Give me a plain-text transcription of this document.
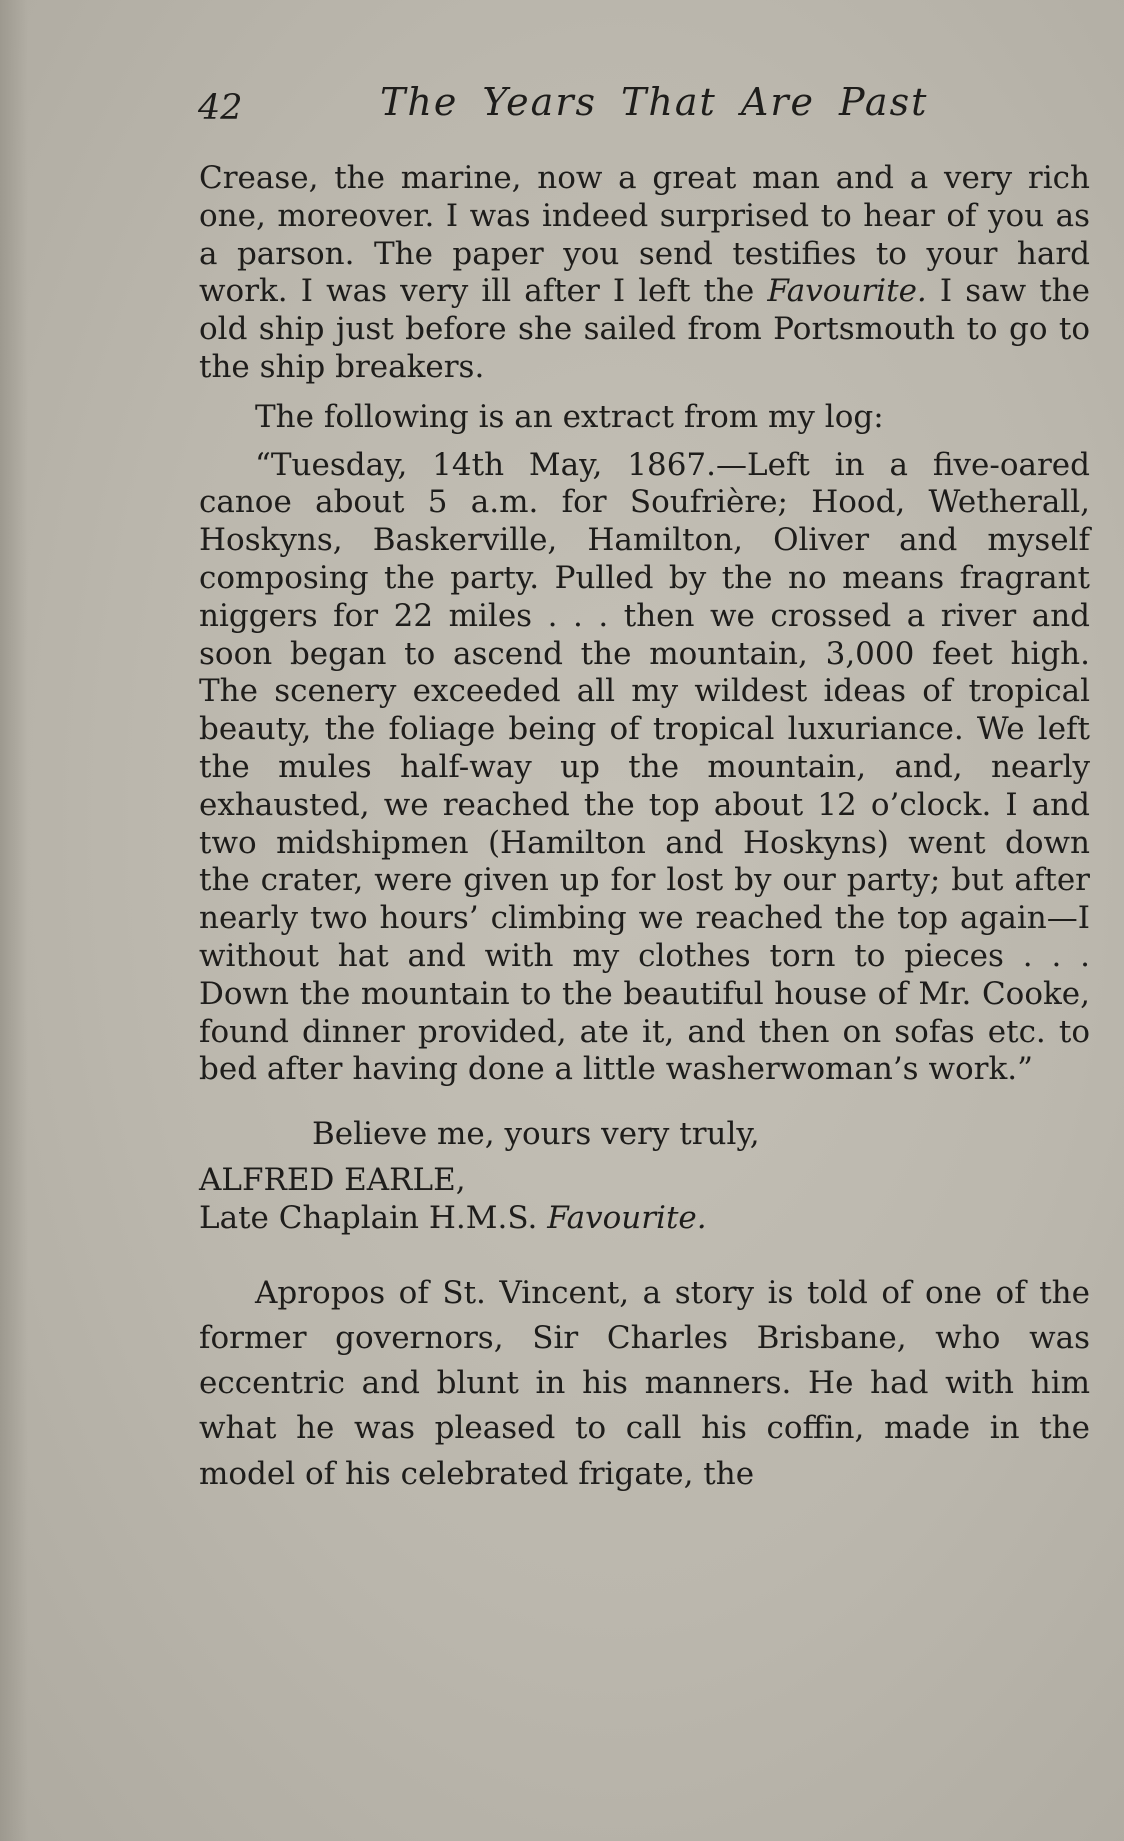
42	The Years That Are Past

Crease, the marine, now a great man and a very rich one, moreover. I was indeed surprised to hear of you as a parson. The paper you send testifies to your hard work. I was very ill after I left the Favourite. I saw the old ship just before she sailed from Portsmouth to go to the ship breakers.

The following is an extract from my log:

“Tuesday, 14th May, 1867.—Left in a five-oared canoe about 5 a.m. for Soufrière; Hood, Wetherall, Hoskyns, Baskerville, Hamilton, Oliver and myself composing the party. Pulled by the no means fragrant niggers for 22 miles . . . then we crossed a river and soon began to ascend the mountain, 3,000 feet high. The scenery exceeded all my wildest ideas of tropical beauty, the foliage being of tropical luxuriance. We left the mules half-way up the mountain, and, nearly exhausted, we reached the top about 12 o’clock. I and two midshipmen (Hamilton and Hoskyns) went down the crater, were given up for lost by our party; but after nearly two hours’ climbing we reached the top again—I without hat and with my clothes torn to pieces . . . Down the mountain to the beautiful house of Mr. Cooke, found dinner provided, ate it, and then on sofas etc. to bed after having done a little washerwoman’s work.”

Believe me, yours very truly,

ALFRED EARLE,

Late Chaplain H.M.S. Favourite.

Apropos of St. Vincent, a story is told of one of the former governors, Sir Charles Brisbane, who was eccentric and blunt in his manners. He had with him what he was pleased to call his coffin, made in the model of his celebrated frigate, the
